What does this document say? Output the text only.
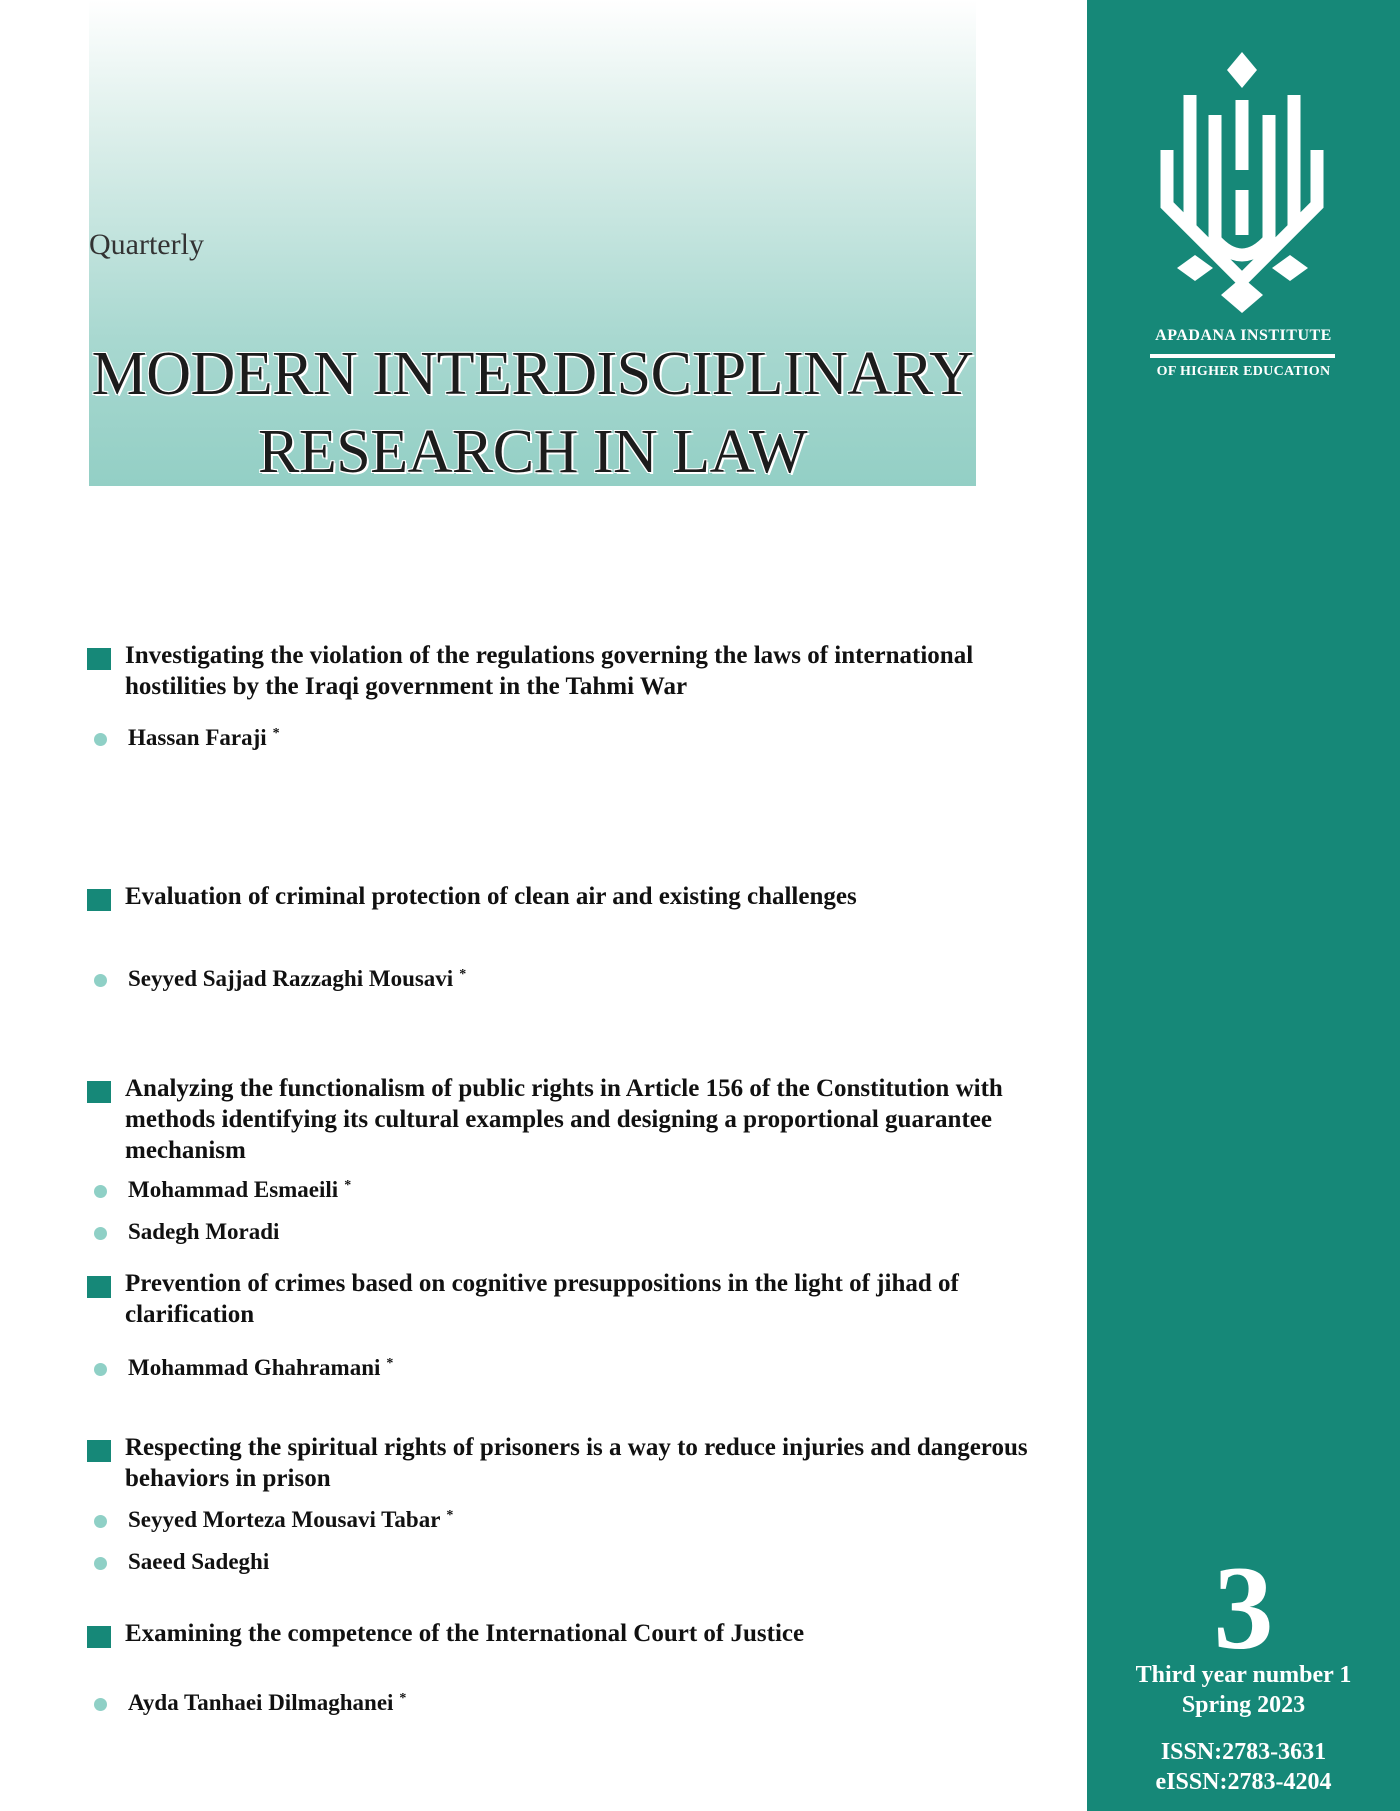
Quarterly
MODERN INTERDISCIPLINARY
RESEARCH IN LAW
APADANA INSTITUTE
OF HIGHER EDUCATION
3
Third year number 1
Spring 2023
ISSN:2783-3631
eISSN:2783-4204
Investigating the violation of the regulations governing the laws of international hostilities by the Iraqi government in the Tahmi War
Hassan Faraji *
Evaluation of criminal protection of clean air and existing challenges
Seyyed Sajjad Razzaghi Mousavi *
Analyzing the functionalism of public rights in Article 156 of the Constitution with methods identifying its cultural examples and designing a proportional guarantee mechanism
Mohammad Esmaeili *
Sadegh Moradi
Prevention of crimes based on cognitive presuppositions in the light of jihad of clarification
Mohammad Ghahramani *
Respecting the spiritual rights of prisoners is a way to reduce injuries and dangerous behaviors in prison
Seyyed Morteza Mousavi Tabar *
Saeed Sadeghi
Examining the competence of the International Court of Justice
Ayda Tanhaei Dilmaghanei *
